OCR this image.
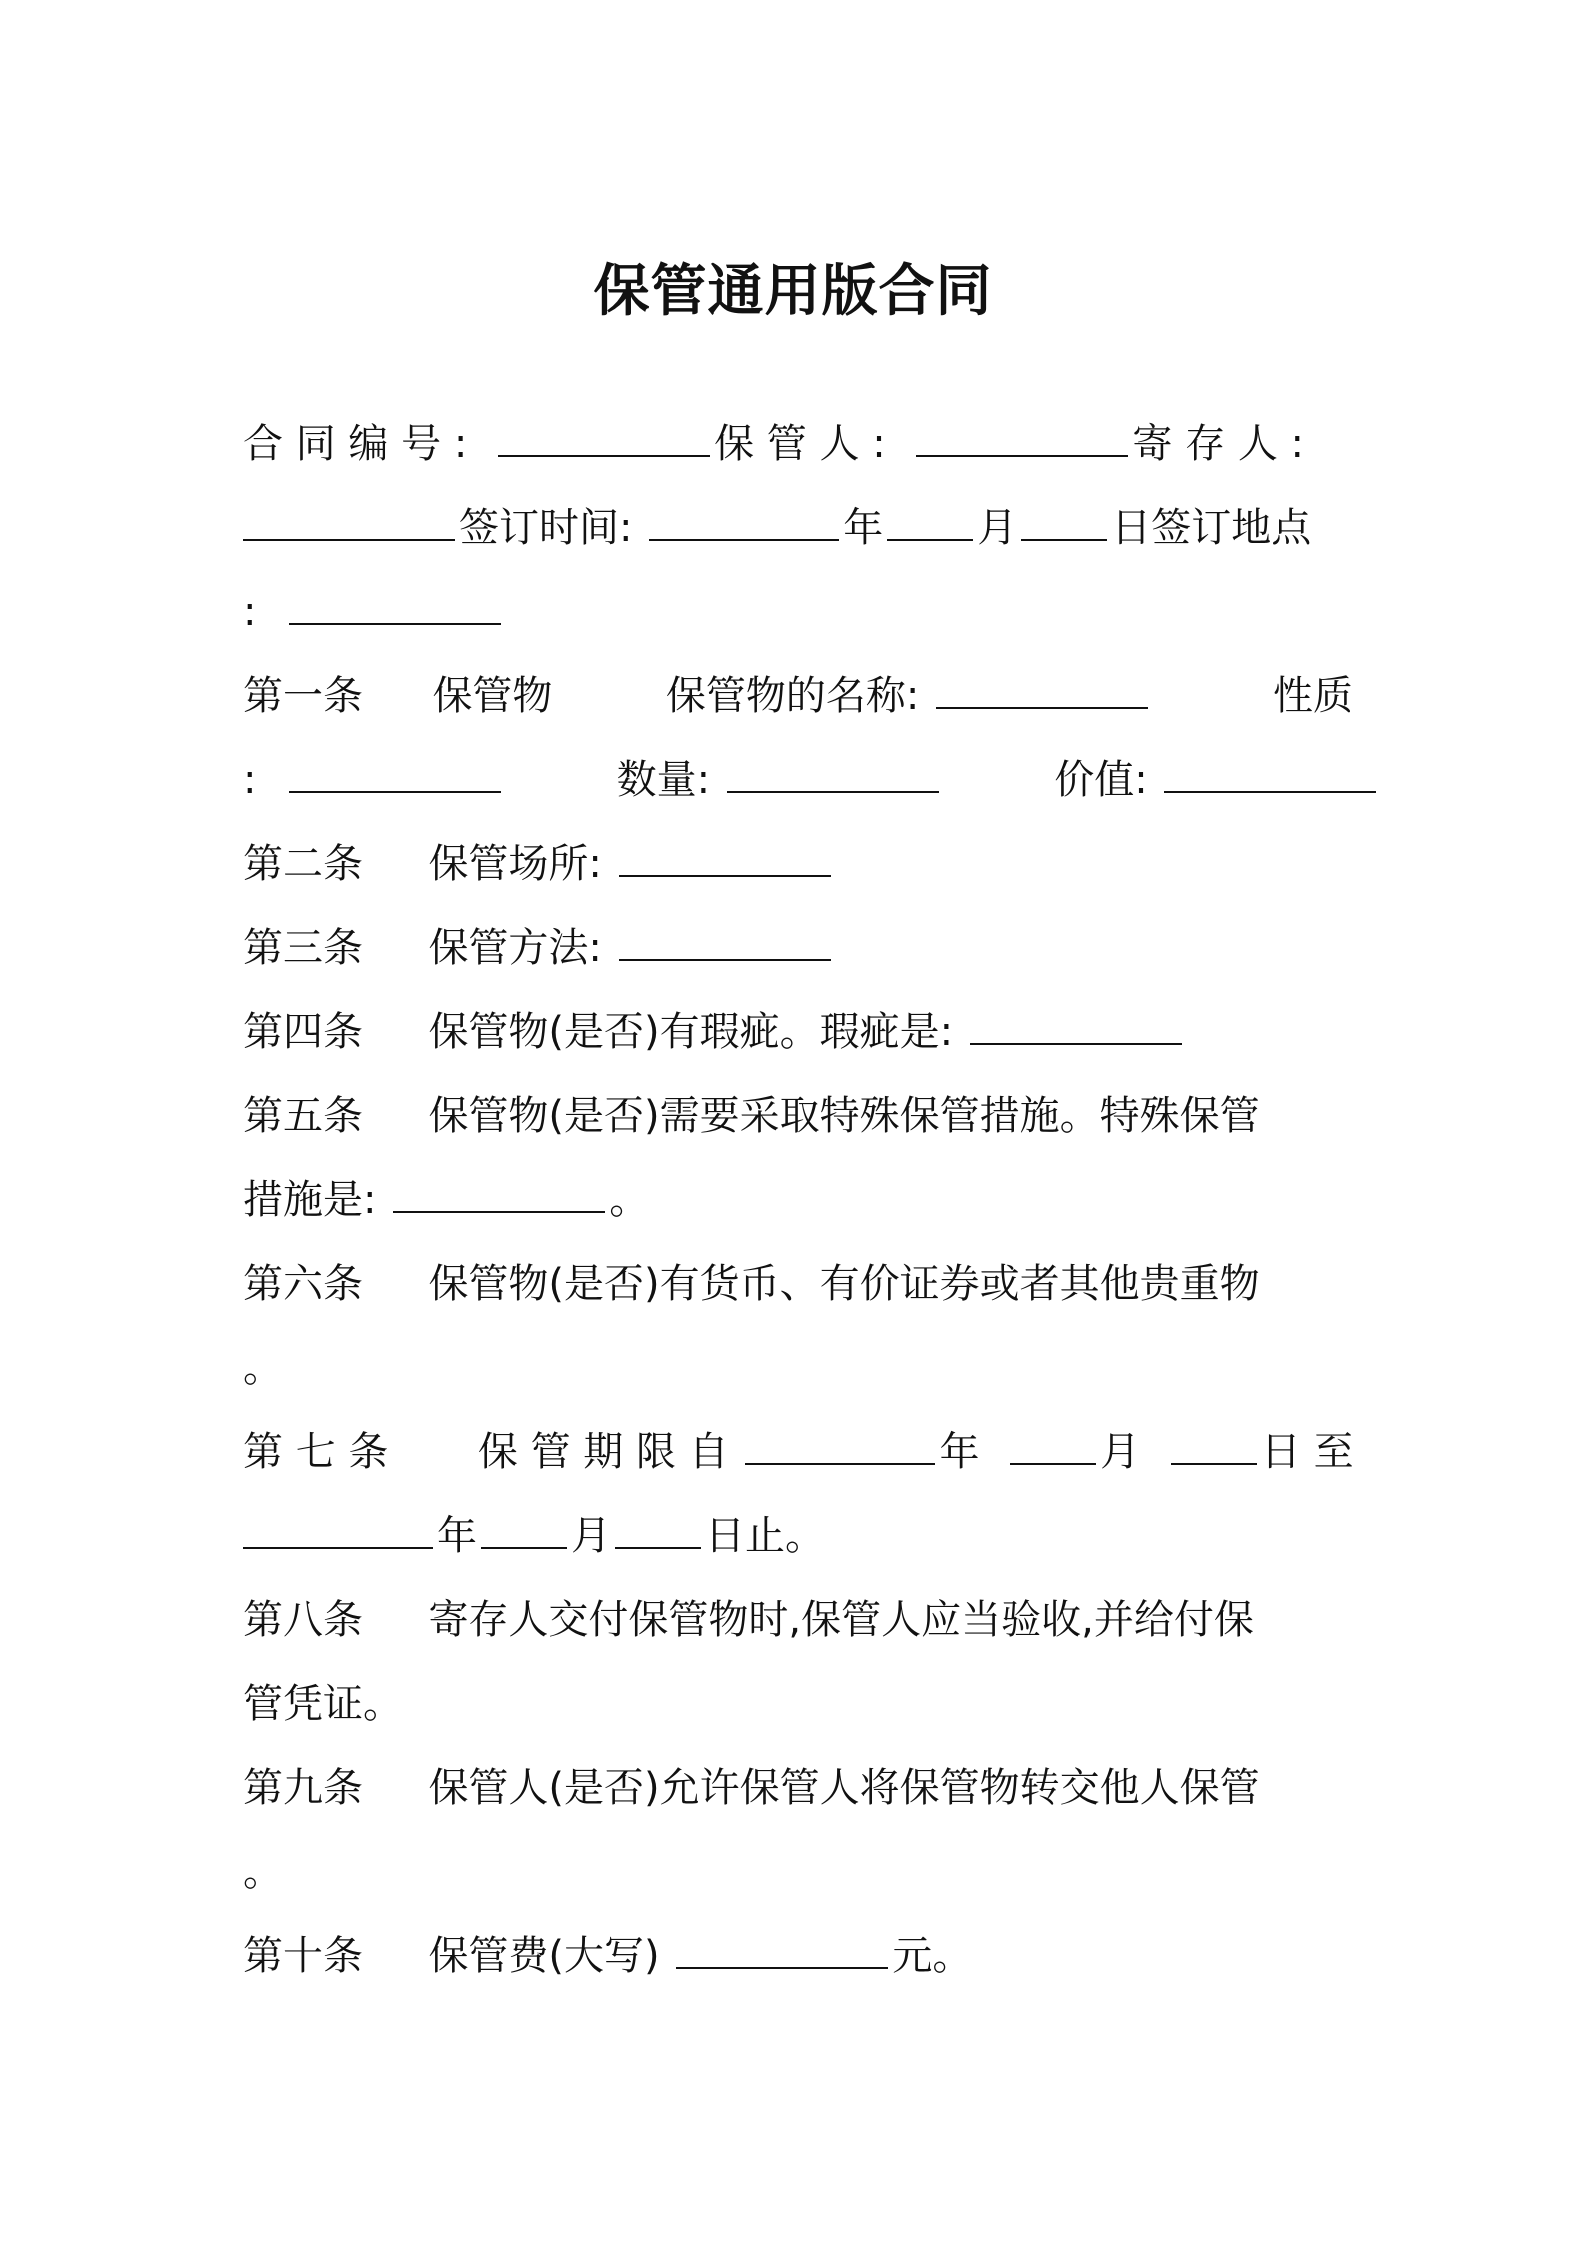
保管通用版合同
合 同 编 号 :	保 管 人 :	寄 存 人 :
签订时间:	年 月 日签订地点
:
第一条 保管物	保管物的名称:	性质
:	数量:	价值:
第二条 保管场所:
第三条 保管方法:
第四条 保管物(是否)有瑕疵。瑕疵是:
第五条 保管物(是否)需要采取特殊保管措施。特殊保管
措施是:	。
第六条 保管物(是否)有货币、有价证券或者其他贵重物
。
第 七 条 保 管 期 限 自	年	月	日 至
年 月 日止。
第八条 寄存人交付保管物时,保管人应当验收,并给付保
管凭证。
第九条 保管人(是否)允许保管人将保管物转交他人保管
。
第十条 保管费(大写)	元。
